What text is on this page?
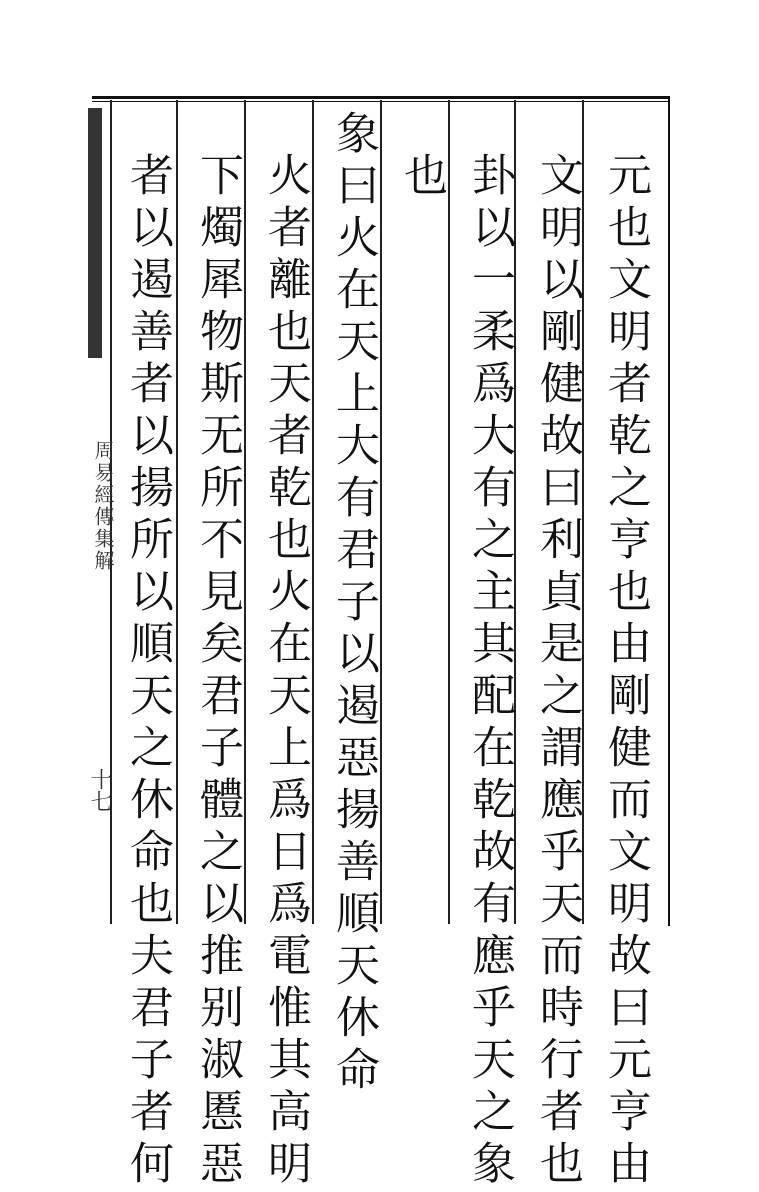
元也文明者乾之亨也由剛健而文明故曰元亨由
文明以剛健故曰利貞是之謂應乎天而時行者也
卦以一柔爲大有之主其配在乾故有應乎天之象
也
象曰火在天上大有君子以遏惡揚善順天休命
火者離也天者乾也火在天上爲日爲電惟其高明
下燭犀物斯无所不見矣君子體之以推别淑慝惡
者以遏善者以揚所以順天之休命也夫君子者何
周易經傳集解
十七
